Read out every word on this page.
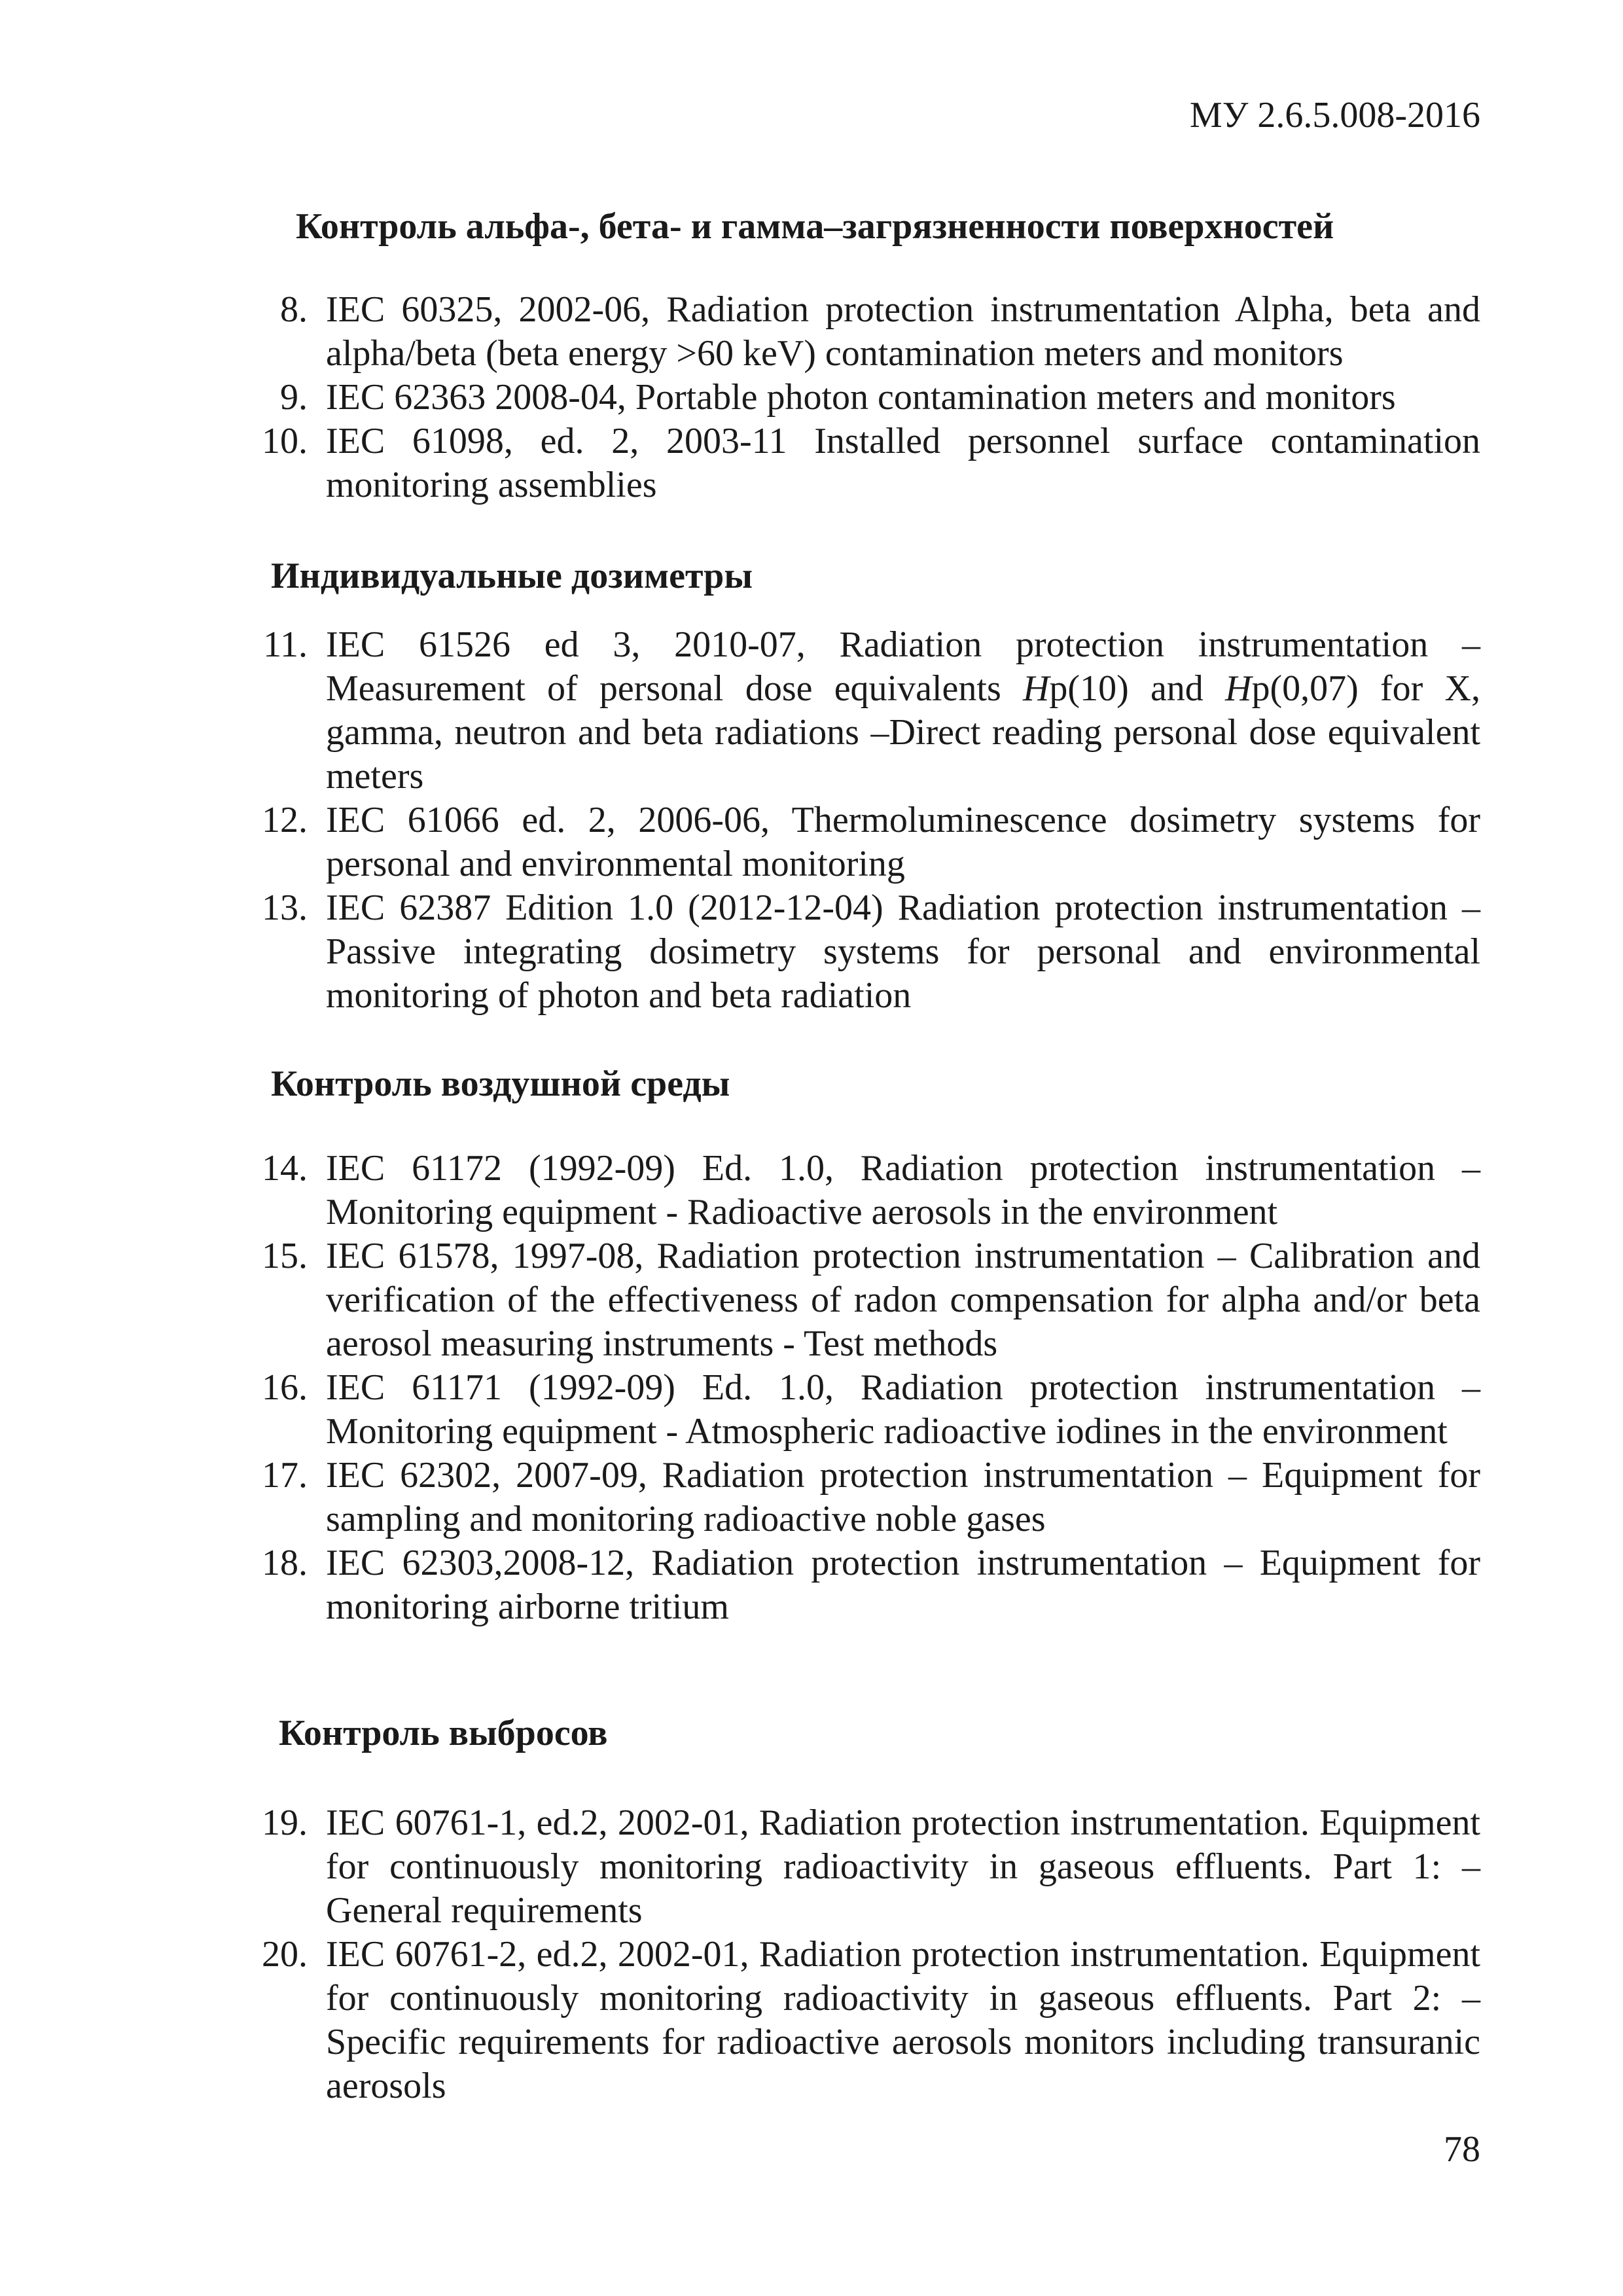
МУ 2.6.5.008-2016
Контроль альфа-, бета- и гамма–загрязненности поверхностей
8. IEC 60325, 2002-06, Radiation protection instrumentation Alpha, beta and alpha/beta (beta energy >60 keV) contamination meters and monitors
9. IEC 62363 2008-04, Portable photon contamination meters and monitors
10. IEC 61098, ed. 2, 2003-11 Installed personnel surface contamination monitoring assemblies
Индивидуальные дозиметры
11. IEC 61526 ed 3, 2010-07, Radiation protection instrumentation – Measurement of personal dose equivalents Hp(10) and Hp(0,07) for X, gamma, neutron and beta radiations –Direct reading personal dose equivalent meters
12. IEC 61066 ed. 2, 2006-06, Thermoluminescence dosimetry systems for personal and environmental monitoring
13. IEC 62387 Edition 1.0 (2012-12-04) Radiation protection instrumentation – Passive integrating dosimetry systems for personal and environmental monitoring of photon and beta radiation
Контроль воздушной среды
14. IEC 61172 (1992-09) Ed. 1.0, Radiation protection instrumentation – Monitoring equipment - Radioactive aerosols in the environment
15. IEC 61578, 1997-08, Radiation protection instrumentation – Calibration and verification of the effectiveness of radon compensation for alpha and/or beta aerosol measuring instruments - Test methods
16. IEC 61171 (1992-09) Ed. 1.0, Radiation protection instrumentation – Monitoring equipment - Atmospheric radioactive iodines in the environment
17. IEC 62302, 2007-09, Radiation protection instrumentation – Equipment for sampling and monitoring radioactive noble gases
18. IEC 62303,2008-12, Radiation protection instrumentation – Equipment for monitoring airborne tritium
Контроль выбросов
19. IEC 60761-1, ed.2, 2002-01, Radiation protection instrumentation. Equipment for continuously monitoring radioactivity in gaseous effluents. Part 1: – General requirements
20. IEC 60761-2, ed.2, 2002-01, Radiation protection instrumentation. Equipment for continuously monitoring radioactivity in gaseous effluents. Part 2: – Specific requirements for radioactive aerosols monitors including transuranic aerosols
78
